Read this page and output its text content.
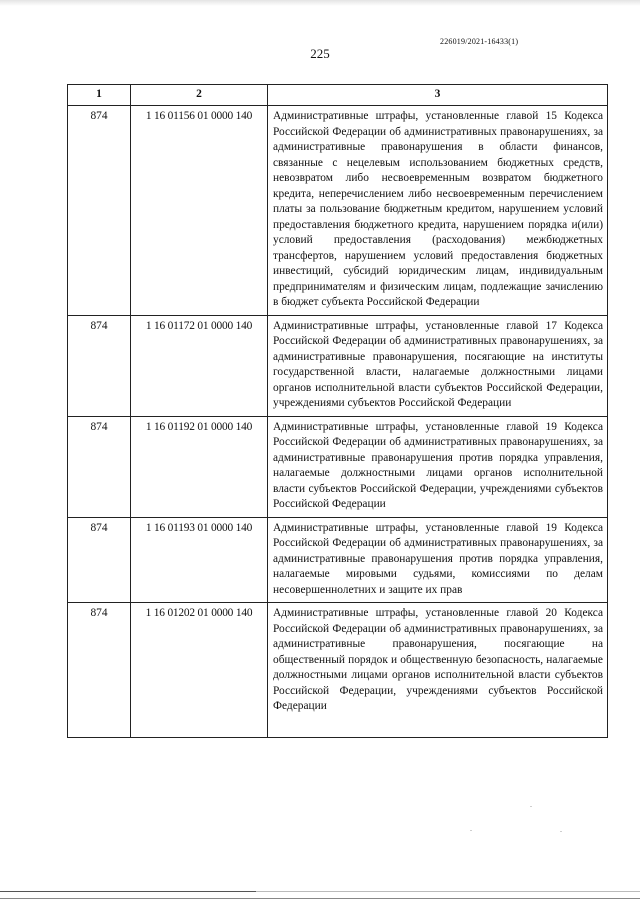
226019/2021-16433(1)
225
1	2	3
874	1 16 01156 01 0000 140	Административные штрафы, установленные главой 15 Кодекса Российской Федерации об административных правонарушениях, за административные правонарушения в области финансов, связанные с нецелевым использованием бюджетных средств, невозвратом либо несвоевременным возвратом бюджетного кредита, неперечислением либо несвоевременным перечислением платы за пользование бюджетным кредитом, нарушением условий предоставления бюджетного кредита, нарушением порядка и(или) условий предоставления (расходования) межбюджетных трансфертов, нарушением условий предоставления бюджетных инвестиций, субсидий юридическим лицам, индивидуальным предпринимателям и физическим лицам, подлежащие зачислению в бюджет субъекта Российской Федерации
874	1 16 01172 01 0000 140	Административные штрафы, установленные главой 17 Кодекса Российской Федерации об административных правонарушениях, за административные правонарушения, посягающие на институты государственной власти, налагаемые должностными лицами органов исполнительной власти субъектов Российской Федерации, учреждениями субъектов Российской Федерации
874	1 16 01192 01 0000 140	Административные штрафы, установленные главой 19 Кодекса Российской Федерации об административных правонарушениях, за административные правонарушения против порядка управления, налагаемые должностными лицами органов исполнительной власти субъектов Российской Федерации, учреждениями субъектов Российской Федерации
874	1 16 01193 01 0000 140	Административные штрафы, установленные главой 19 Кодекса Российской Федерации об административных правонарушениях, за административные правонарушения против порядка управления, налагаемые мировыми судьями, комиссиями по делам несовершеннолетних и защите их прав
874	1 16 01202 01 0000 140	Административные штрафы, установленные главой 20 Кодекса Российской Федерации об административных правонарушениях, за административные правонарушения, посягающие на общественный порядок и общественную безопасность, налагаемые должностными лицами органов исполнительной власти субъектов Российской Федерации, учреждениями субъектов Российской Федерации
